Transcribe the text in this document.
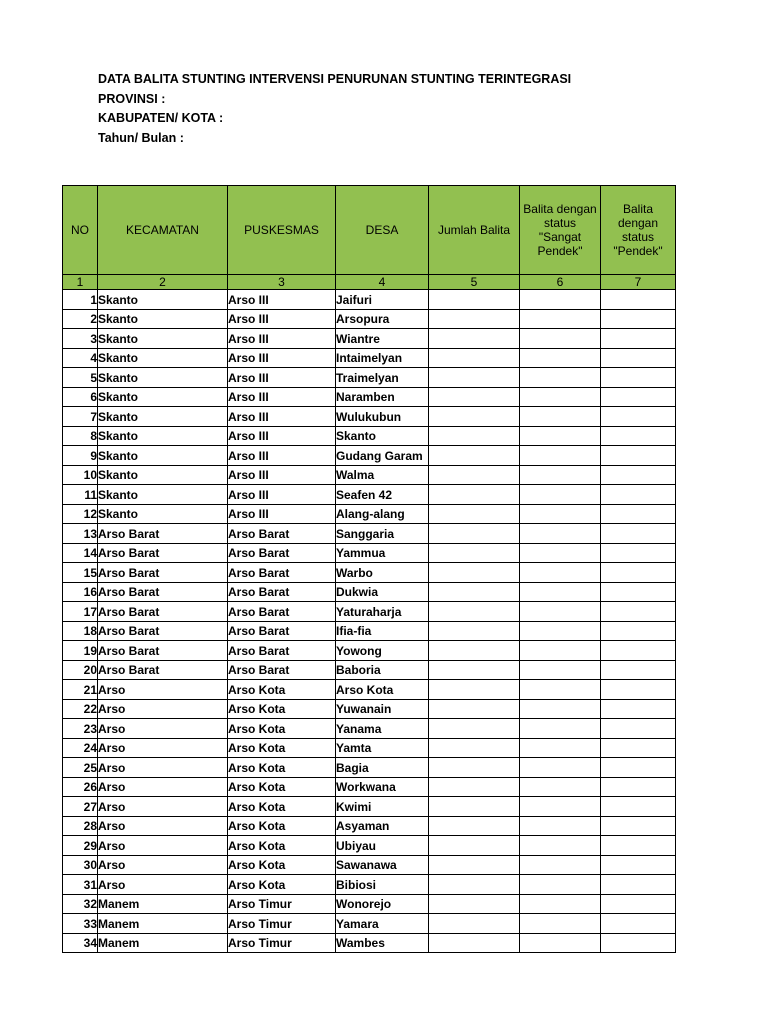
DATA BALITA STUNTING INTERVENSI PENURUNAN STUNTING TERINTEGRASI
PROVINSI :
KABUPATEN/ KOTA :
Tahun/ Bulan :
NO	KECAMATAN	PUSKESMAS	DESA	Jumlah Balita	Balita dengan status "Sangat Pendek"	Balita dengan status "Pendek"
1	2	3	4	5	6	7
1	Skanto	Arso III	Jaifuri			
2	Skanto	Arso III	Arsopura			
3	Skanto	Arso III	Wiantre			
4	Skanto	Arso III	Intaimelyan			
5	Skanto	Arso III	Traimelyan			
6	Skanto	Arso III	Naramben			
7	Skanto	Arso III	Wulukubun			
8	Skanto	Arso III	Skanto			
9	Skanto	Arso III	Gudang Garam			
10	Skanto	Arso III	Walma			
11	Skanto	Arso III	Seafen 42			
12	Skanto	Arso III	Alang-alang			
13	Arso Barat	Arso Barat	Sanggaria			
14	Arso Barat	Arso Barat	Yammua			
15	Arso Barat	Arso Barat	Warbo			
16	Arso Barat	Arso Barat	Dukwia			
17	Arso Barat	Arso Barat	Yaturaharja			
18	Arso Barat	Arso Barat	Ifia-fia			
19	Arso Barat	Arso Barat	Yowong			
20	Arso Barat	Arso Barat	Baboria			
21	Arso	Arso Kota	Arso Kota			
22	Arso	Arso Kota	Yuwanain			
23	Arso	Arso Kota	Yanama			
24	Arso	Arso Kota	Yamta			
25	Arso	Arso Kota	Bagia			
26	Arso	Arso Kota	Workwana			
27	Arso	Arso Kota	Kwimi			
28	Arso	Arso Kota	Asyaman			
29	Arso	Arso Kota	Ubiyau			
30	Arso	Arso Kota	Sawanawa			
31	Arso	Arso Kota	Bibiosi			
32	Manem	Arso Timur	Wonorejo			
33	Manem	Arso Timur	Yamara			
34	Manem	Arso Timur	Wambes			
